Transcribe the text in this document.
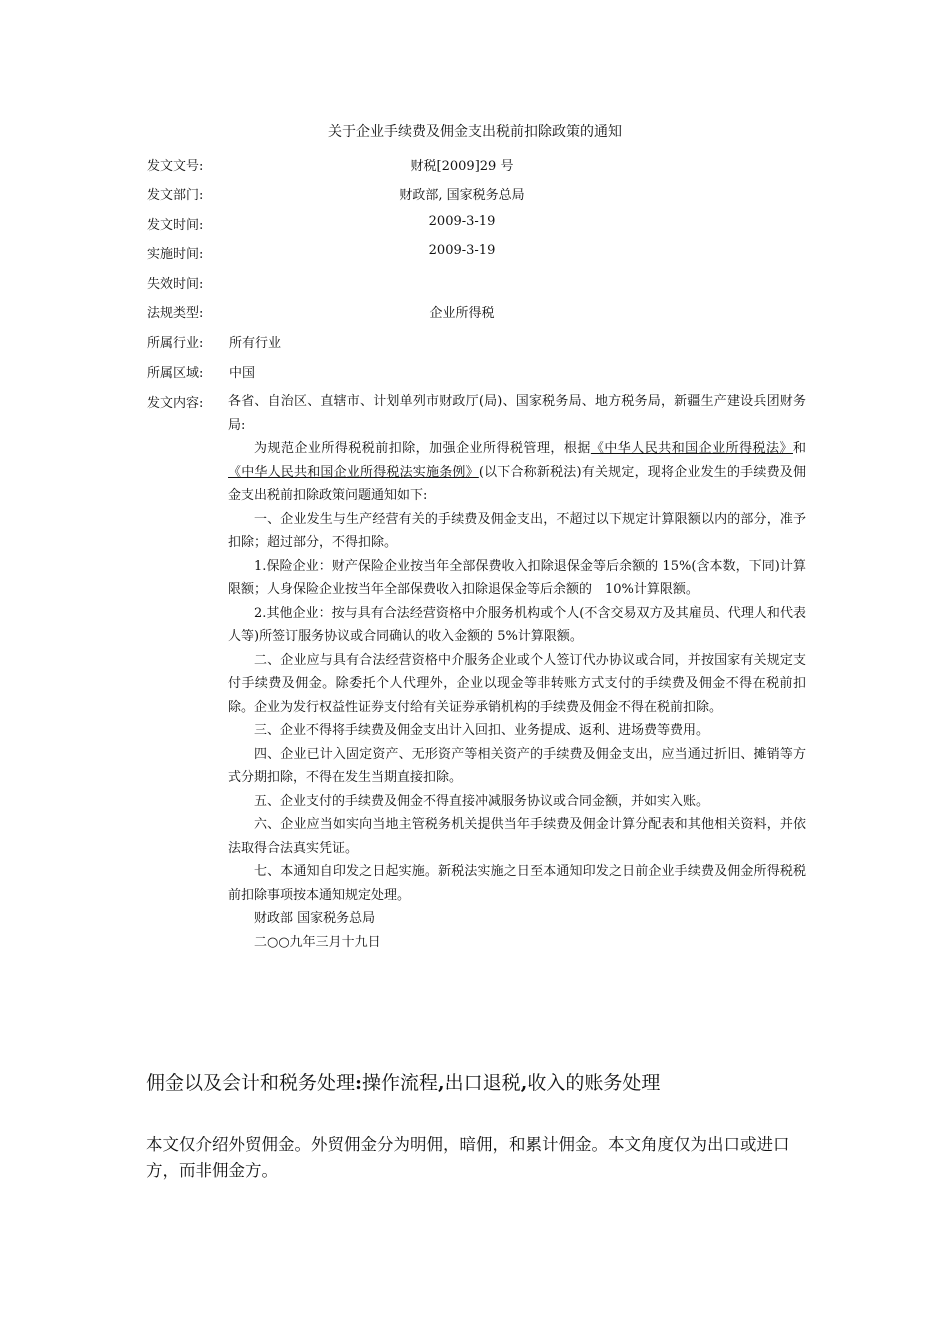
关于企业手续费及佣金支出税前扣除政策的通知
发文文号:	财税[2009]29 号
发文部门:	财政部, 国家税务总局
发文时间:	2009-3-19
实施时间:	2009-3-19
失效时间:
法规类型:	企业所得税
所属行业: 所有行业
所属区域: 中国
发文内容: 各省、自治区、直辖市、计划单列市财政厅(局)、国家税务局、地方税务局，新疆生产建设兵团财务局:

为规范企业所得税税前扣除，加强企业所得税管理，根据《中华人民共和国企业所得税法》和《中华人民共和国企业所得税法实施条例》(以下合称新税法)有关规定，现将企业发生的手续费及佣金支出税前扣除政策问题通知如下:

一、企业发生与生产经营有关的手续费及佣金支出，不超过以下规定计算限额以内的部分，准予扣除；超过部分，不得扣除。

1.保险企业：财产保险企业按当年全部保费收入扣除退保金等后余额的 15%(含本数，下同)计算限额；人身保险企业按当年全部保费收入扣除退保金等后余额的　10%计算限额。

2.其他企业：按与具有合法经营资格中介服务机构或个人(不含交易双方及其雇员、代理人和代表人等)所签订服务协议或合同确认的收入金额的 5%计算限额。

二、企业应与具有合法经营资格中介服务企业或个人签订代办协议或合同，并按国家有关规定支付手续费及佣金。除委托个人代理外，企业以现金等非转账方式支付的手续费及佣金不得在税前扣除。企业为发行权益性证券支付给有关证券承销机构的手续费及佣金不得在税前扣除。

三、企业不得将手续费及佣金支出计入回扣、业务提成、返利、进场费等费用。

四、企业已计入固定资产、无形资产等相关资产的手续费及佣金支出，应当通过折旧、摊销等方式分期扣除，不得在发生当期直接扣除。

五、企业支付的手续费及佣金不得直接冲减服务协议或合同金额，并如实入账。

六、企业应当如实向当地主管税务机关提供当年手续费及佣金计算分配表和其他相关资料，并依法取得合法真实凭证。

七、本通知自印发之日起实施。新税法实施之日至本通知印发之日前企业手续费及佣金所得税税前扣除事项按本通知规定处理。

财政部 国家税务总局

二○○九年三月十九日

佣金以及会计和税务处理:操作流程,出口退税,收入的账务处理
本文仅介绍外贸佣金。外贸佣金分为明佣，暗佣，和累计佣金。本文角度仅为出口或进口方，而非佣金方。
